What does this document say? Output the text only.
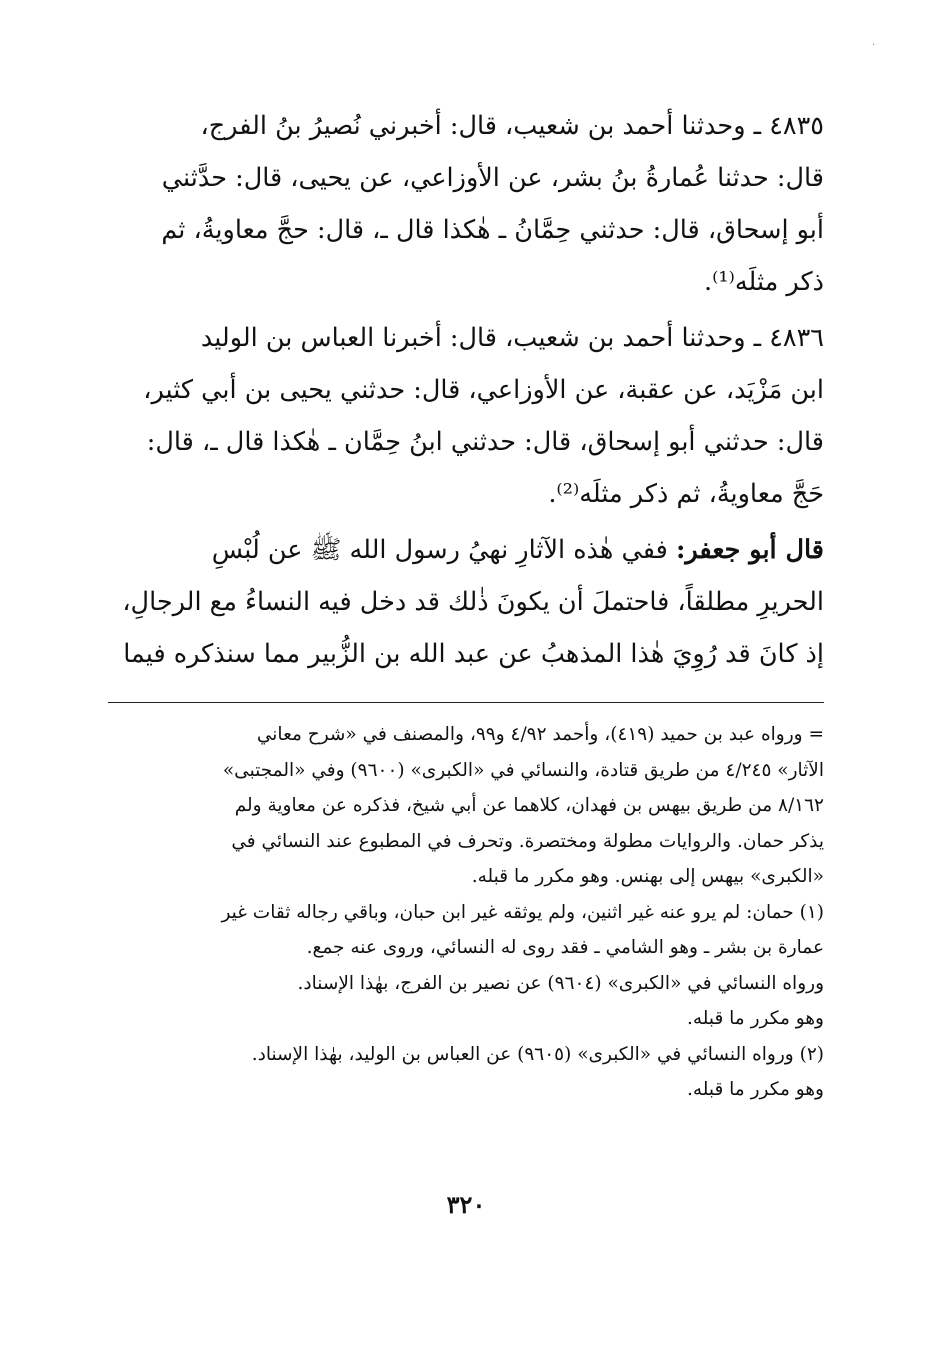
·

٤٨٣٥ ـ وحدثنا أحمد بن شعيب، قال: أخبرني نُصيرُ بنُ الفرج،
قال: حدثنا عُمارةُ بنُ بشر، عن الأوزاعي، عن يحيى، قال: حدَّثني
أبو إسحاق، قال: حدثني حِمَّانُ ـ هٰكذا قال ـ، قال: حجَّ معاويةُ، ثم
ذكر مثلَه⁽¹⁾.

٤٨٣٦ ـ وحدثنا أحمد بن شعيب، قال: أخبرنا العباس بن الوليد
ابن مَزْيَد، عن عقبة، عن الأوزاعي، قال: حدثني يحيى بن أبي كثير،
قال: حدثني أبو إسحاق، قال: حدثني ابنُ حِمَّان ـ هٰكذا قال ـ، قال:
حَجَّ معاويةُ، ثم ذكر مثلَه⁽²⁾.

قال أبو جعفر: ففي هٰذه الآثارِ نهيُ رسول الله ﷺ عن لُبْسِ
الحريرِ مطلقاً، فاحتملَ أن يكونَ ذٰلك قد دخل فيه النساءُ مع الرجالِ،
إذ كانَ قد رُوِيَ هٰذا المذهبُ عن عبد الله بن الزُّبير مما سنذكره فيما

= ورواه عبد بن حميد (٤١٩)، وأحمد ٤/٩٢ و٩٩، والمصنف في «شرح معاني
الآثار» ٤/٢٤٥ من طريق قتادة، والنسائي في «الكبرى» (٩٦٠٠) وفي «المجتبى»
٨/١٦٢ من طريق بيهس بن فهدان، كلاهما عن أبي شيخ، فذكره عن معاوية ولم
يذكر حمان. والروايات مطولة ومختصرة. وتحرف في المطبوع عند النسائي في
«الكبرى» بيهس إلى بهنس. وهو مكرر ما قبله.

(١) حمان: لم يرو عنه غير اثنين، ولم يوثقه غير ابن حبان، وباقي رجاله ثقات غير
عمارة بن بشر ـ وهو الشامي ـ فقد روى له النسائي، وروى عنه جمع.
ورواه النسائي في «الكبرى» (٩٦٠٤) عن نصير بن الفرج، بهٰذا الإسناد.
وهو مكرر ما قبله.

(٢) ورواه النسائي في «الكبرى» (٩٦٠٥) عن العباس بن الوليد، بهٰذا الإسناد.
وهو مكرر ما قبله.

٣٢٠
